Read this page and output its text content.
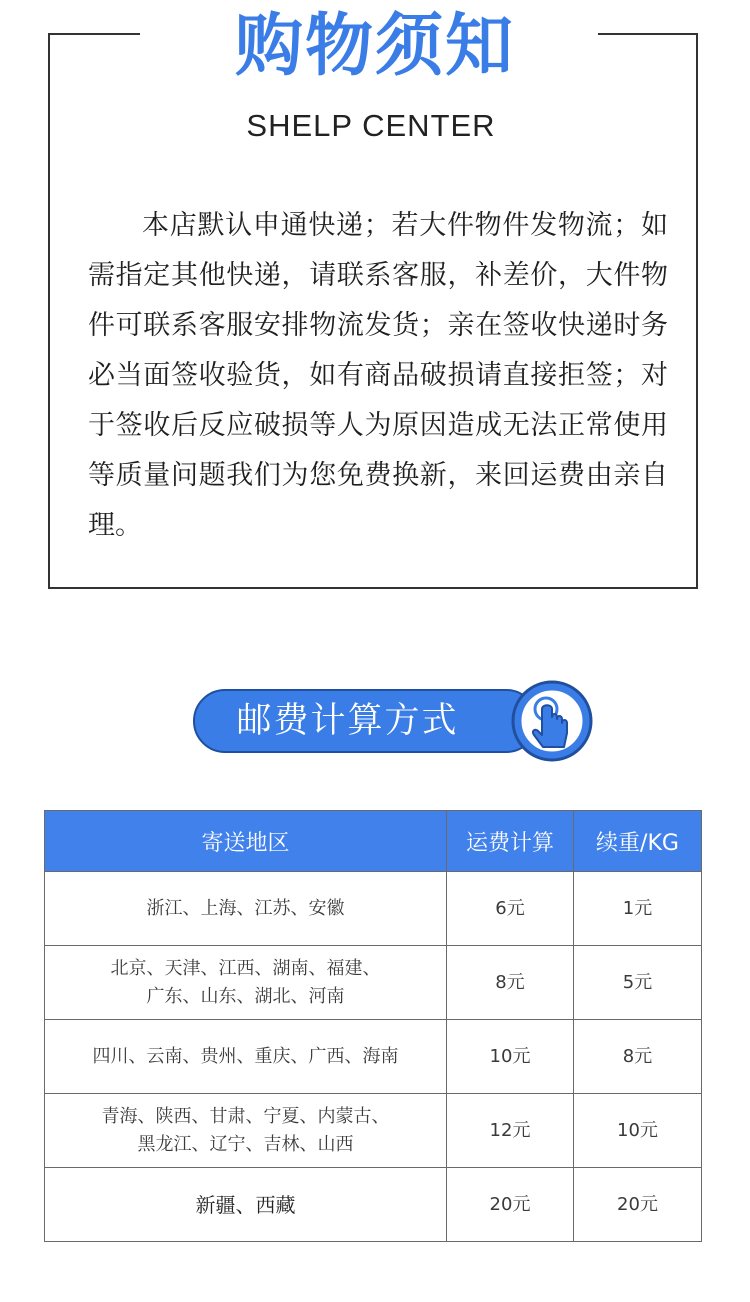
购物须知
SHELP CENTER

本店默认申通快递；若大件物件发物流；如需指定其他快递，请联系客服，补差价，大件物件可联系客服安排物流发货；亲在签收快递时务必当面签收验货，如有商品破损请直接拒签；对于签收后反应破损等人为原因造成无法正常使用等质量问题我们为您免费换新，来回运费由亲自理。

邮费计算方式
寄送地区	运费计算	续重/KG
浙江、上海、江苏、安徽	6元	1元
北京、天津、江西、湖南、福建、
广东、山东、湖北、河南	8元	5元
四川、云南、贵州、重庆、广西、海南	10元	8元
青海、陕西、甘肃、宁夏、内蒙古、
黑龙江、辽宁、吉林、山西	12元	10元
新疆、西藏	20元	20元
